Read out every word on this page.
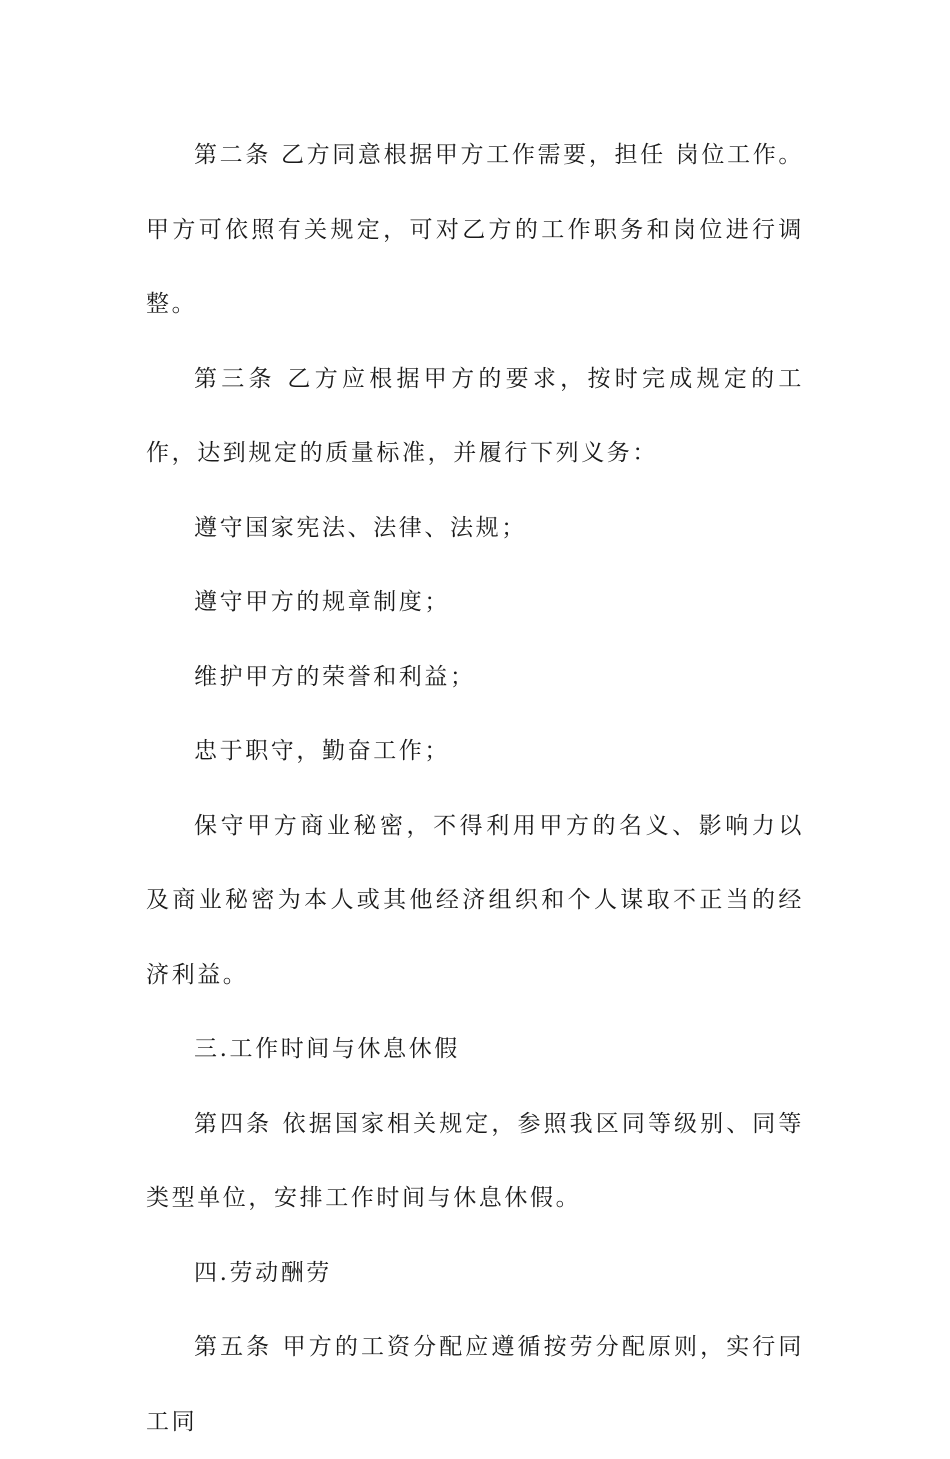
第二条 乙方同意根据甲方工作需要，担任 岗位工作。甲方可依照有关规定，可对乙方的工作职务和岗位进行调整。

第三条 乙方应根据甲方的要求，按时完成规定的工作，达到规定的质量标准，并履行下列义务：

遵守国家宪法、法律、法规；

遵守甲方的规章制度；

维护甲方的荣誉和利益；

忠于职守，勤奋工作；

保守甲方商业秘密，不得利用甲方的名义、影响力以及商业秘密为本人或其他经济组织和个人谋取不正当的经济利益。

三.工作时间与休息休假

第四条 依据国家相关规定，参照我区同等级别、同等类型单位，安排工作时间与休息休假。

四.劳动酬劳

第五条 甲方的工资分配应遵循按劳分配原则，实行同工同
